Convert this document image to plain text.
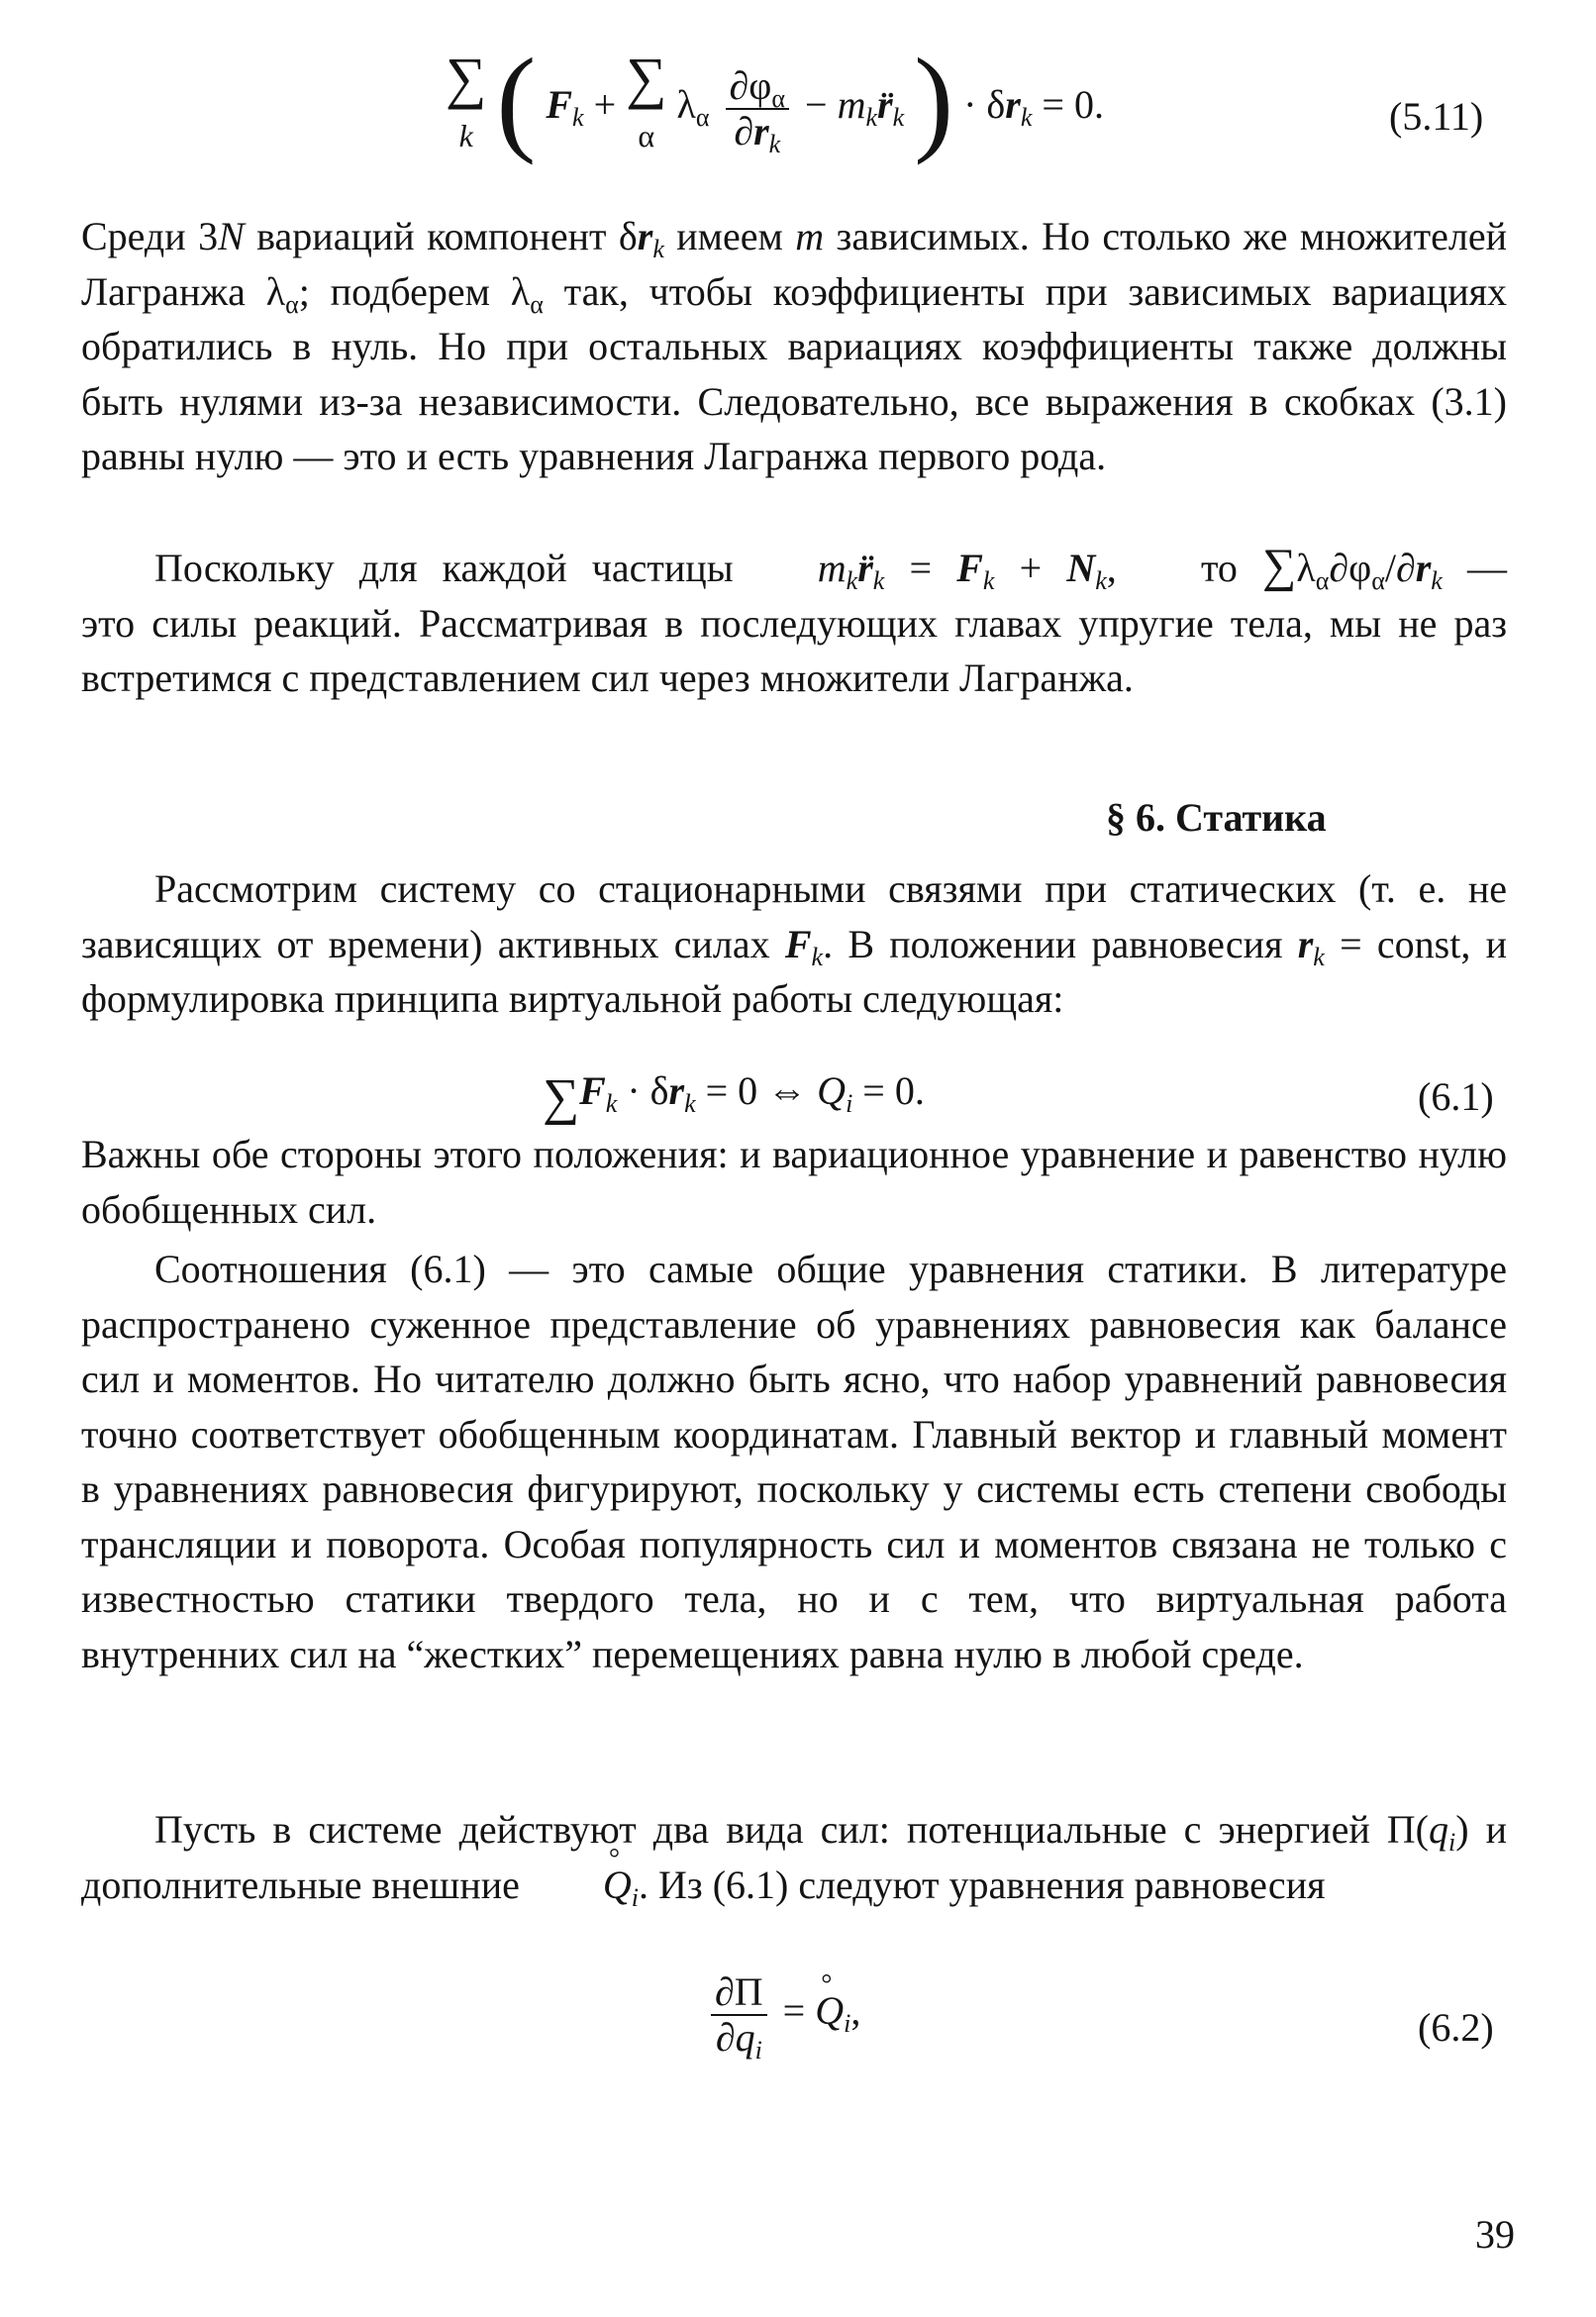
∑
k ( $F_k$ + ∑
α $\lambda_\alpha \frac{\partial\varphi_\alpha}{\partial r_k}$ − $m_kr̈_k$ ) · $\delta r_k = 0$.	(5.11)

Среди 3N вариаций компонент $\delta r_k$ имеем m зависимых. Но столько же множителей Лагранжа $\lambda_\alpha$; подберем $\lambda_\alpha$ так, чтобы коэффициенты при зависимых вариациях обратились в нуль. Но при остальных вариациях коэффициенты также должны быть нулями из-за независимости. Следовательно, все выражения в скобках (3.1) равны нулю — это и есть уравнения Лагранжа первого рода.

Поскольку для каждой частицы $m_kr̈_k = F_k + N_k$, то $\sum\lambda_\alpha\partial\varphi_\alpha/\partial r_k$ — это силы реакций. Рассматривая в последующих главах упругие тела, мы не раз встретимся с представлением сил через множители Лагранжа.

§ 6. Статика

Рассмотрим систему со стационарными связями при статических (т. е. не зависящих от времени) активных силах $F_k$. В положении равновесия $r_k$ = const, и формулировка принципа виртуальной работы следующая:

$\sum F_k \cdot \delta r_k = 0$ ⇔ $Q_i = 0$.	(6.1)

Важны обе стороны этого положения: и вариационное уравнение и равенство нулю обобщенных сил.

Соотношения (6.1) — это самые общие уравнения статики. В литературе распространено суженное представление об уравнениях равновесия как балансе сил и моментов. Но читателю должно быть ясно, что набор уравнений равновесия точно соответствует обобщенным координатам. Главный вектор и главный момент в уравнениях равновесия фигурируют, поскольку у системы есть степени свободы трансляции и поворота. Особая популярность сил и моментов связана не только с известностью статики твердого тела, но и с тем, что виртуальная работа внутренних сил на “жестких” перемещениях равна нулю в любой среде.

Пусть в системе действуют два вида сил: потенциальные с энергией $П(q_i)$ и дополнительные внешние ° $Q_i$. Из (6.1) следуют уравнения равновесия

$\frac{\partial П}{\partial q_i}$ = ° $Q_i$,	(6.2)
39
